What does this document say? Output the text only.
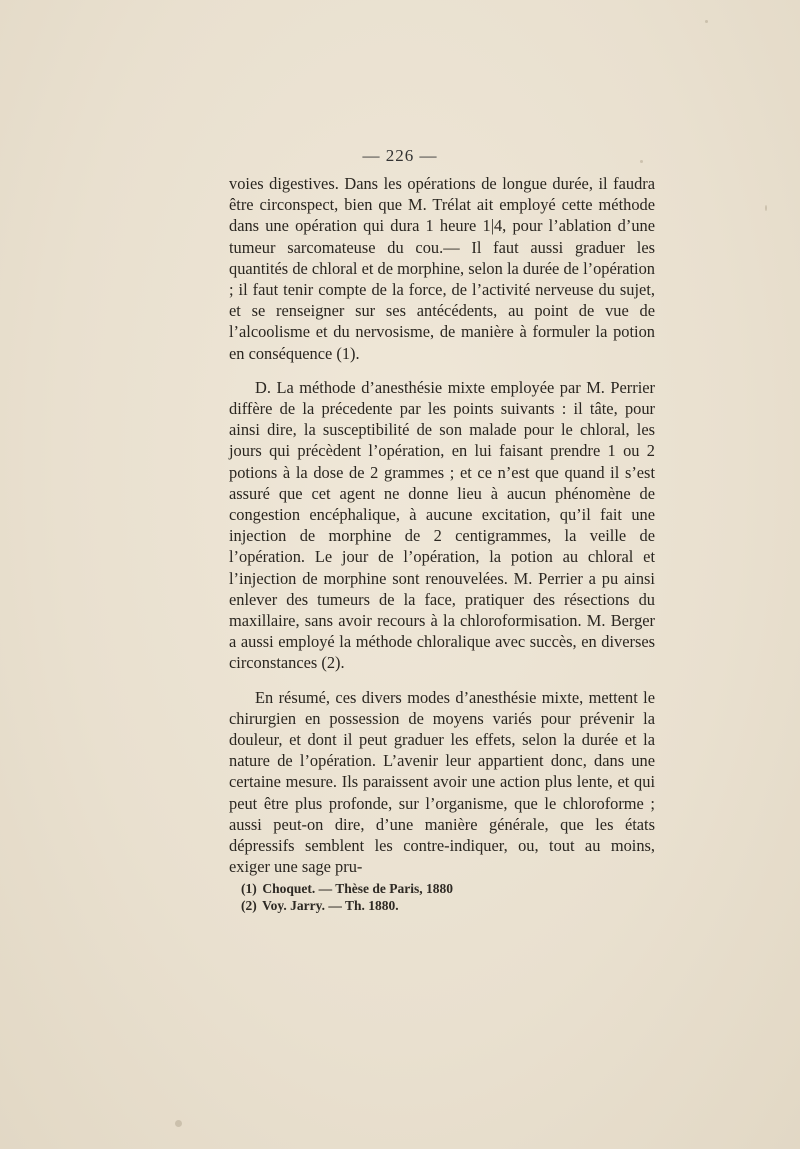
— 226 —

voies digestives. Dans les opérations de longue durée, il faudra être circonspect, bien que M. Trélat ait employé cette méthode dans une opération qui dura 1 heure 1|4, pour l’ablation d’une tumeur sarcomateuse du cou.— Il faut aussi graduer les quantités de chloral et de morphine, selon la durée de l’opération ; il faut tenir compte de la force, de l’activité nerveuse du sujet, et se renseigner sur ses antécédents, au point de vue de l’alcoolisme et du nervosisme, de manière à formuler la potion en conséquence (1).

D. La méthode d’anesthésie mixte employée par M. Perrier diffère de la précedente par les points suivants : il tâte, pour ainsi dire, la susceptibilité de son malade pour le chloral, les jours qui précèdent l’opération, en lui faisant prendre 1 ou 2 potions à la dose de 2 grammes ; et ce n’est que quand il s’est assuré que cet agent ne donne lieu à aucun phénomène de congestion encéphalique, à aucune excitation, qu’il fait une injection de morphine de 2 centigrammes, la veille de l’opération. Le jour de l’opération, la potion au chloral et l’injection de morphine sont renouvelées. M. Perrier a pu ainsi enlever des tumeurs de la face, pratiquer des résections du maxillaire, sans avoir recours à la chloroformisation. M. Berger a aussi employé la méthode chloralique avec succès, en diverses circonstances (2).

En résumé, ces divers modes d’anesthésie mixte, mettent le chirurgien en possession de moyens variés pour prévenir la douleur, et dont il peut graduer les effets, selon la durée et la nature de l’opération. L’avenir leur appartient donc, dans une certaine mesure. Ils paraissent avoir une action plus lente, et qui peut être plus profonde, sur l’organisme, que le chloroforme ; aussi peut-on dire, d’une manière générale, que les états dépressifs semblent les contre-indiquer, ou, tout au moins, exiger une sage pru-

(1) Choquet. — Thèse de Paris, 1880
(2) Voy. Jarry. — Th. 1880.
